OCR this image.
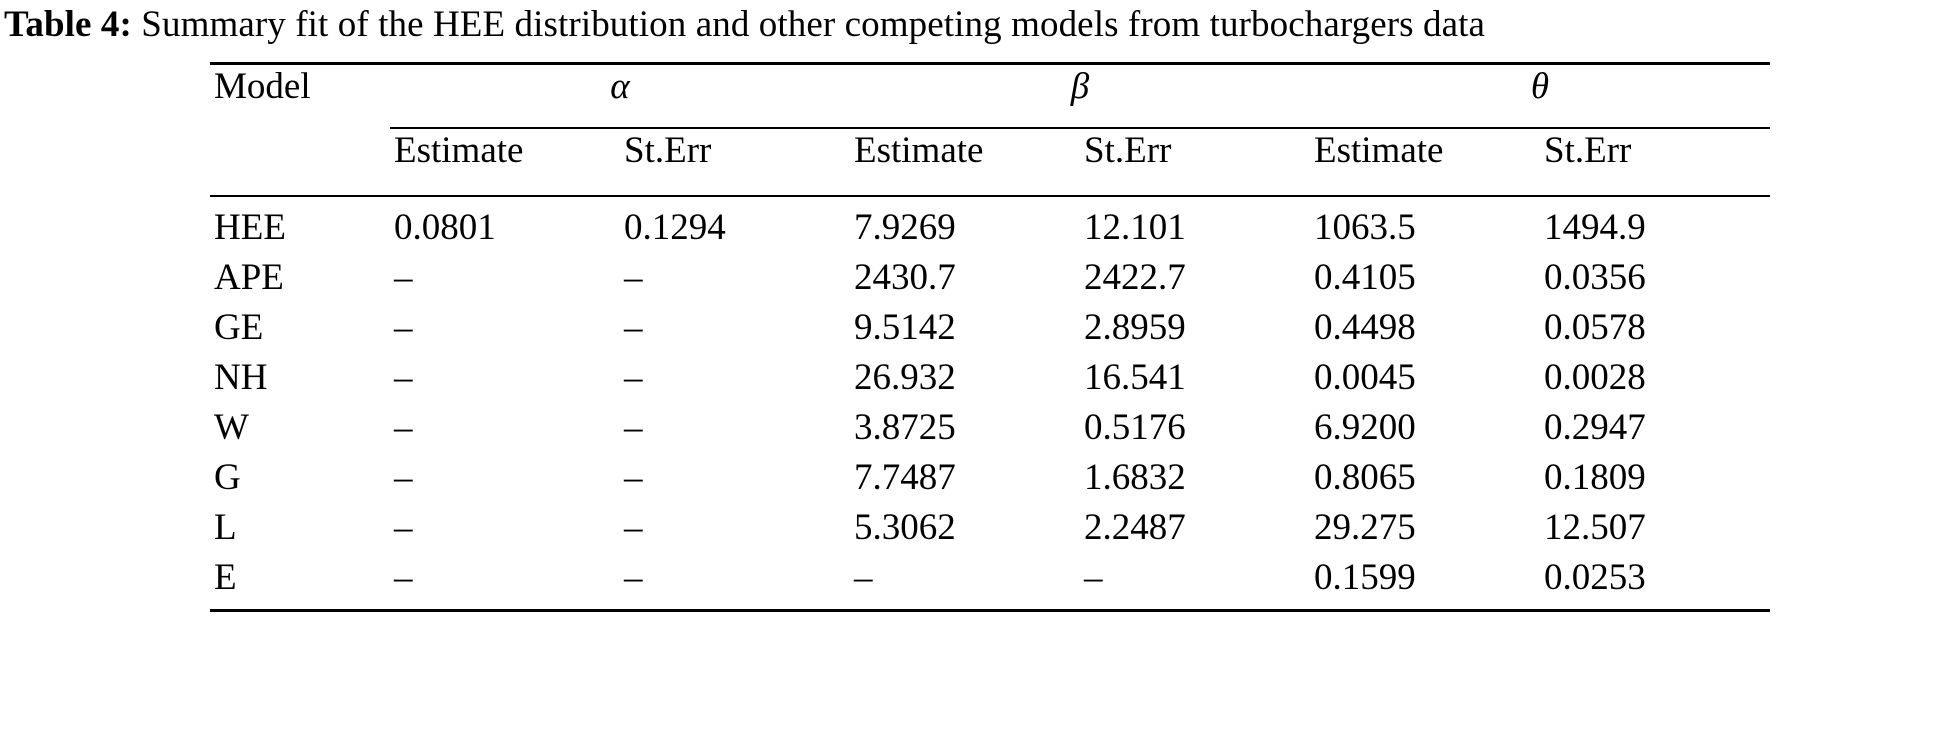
Table 4: Summary fit of the HEE distribution and other competing models from turbochargers data

Model	α		β		θ	

	Estimate	St.Err	Estimate	St.Err	Estimate	St.Err

HEE	0.0801	0.1294	7.9269	12.101	1063.5	1494.9
APE	–	–	2430.7	2422.7	0.4105	0.0356
GE	–	–	9.5142	2.8959	0.4498	0.0578
NH	–	–	26.932	16.541	0.0045	0.0028
W	–	–	3.8725	0.5176	6.9200	0.2947
G	–	–	7.7487	1.6832	0.8065	0.1809
L	–	–	5.3062	2.2487	29.275	12.507
E	–	–	–	–	0.1599	0.0253
